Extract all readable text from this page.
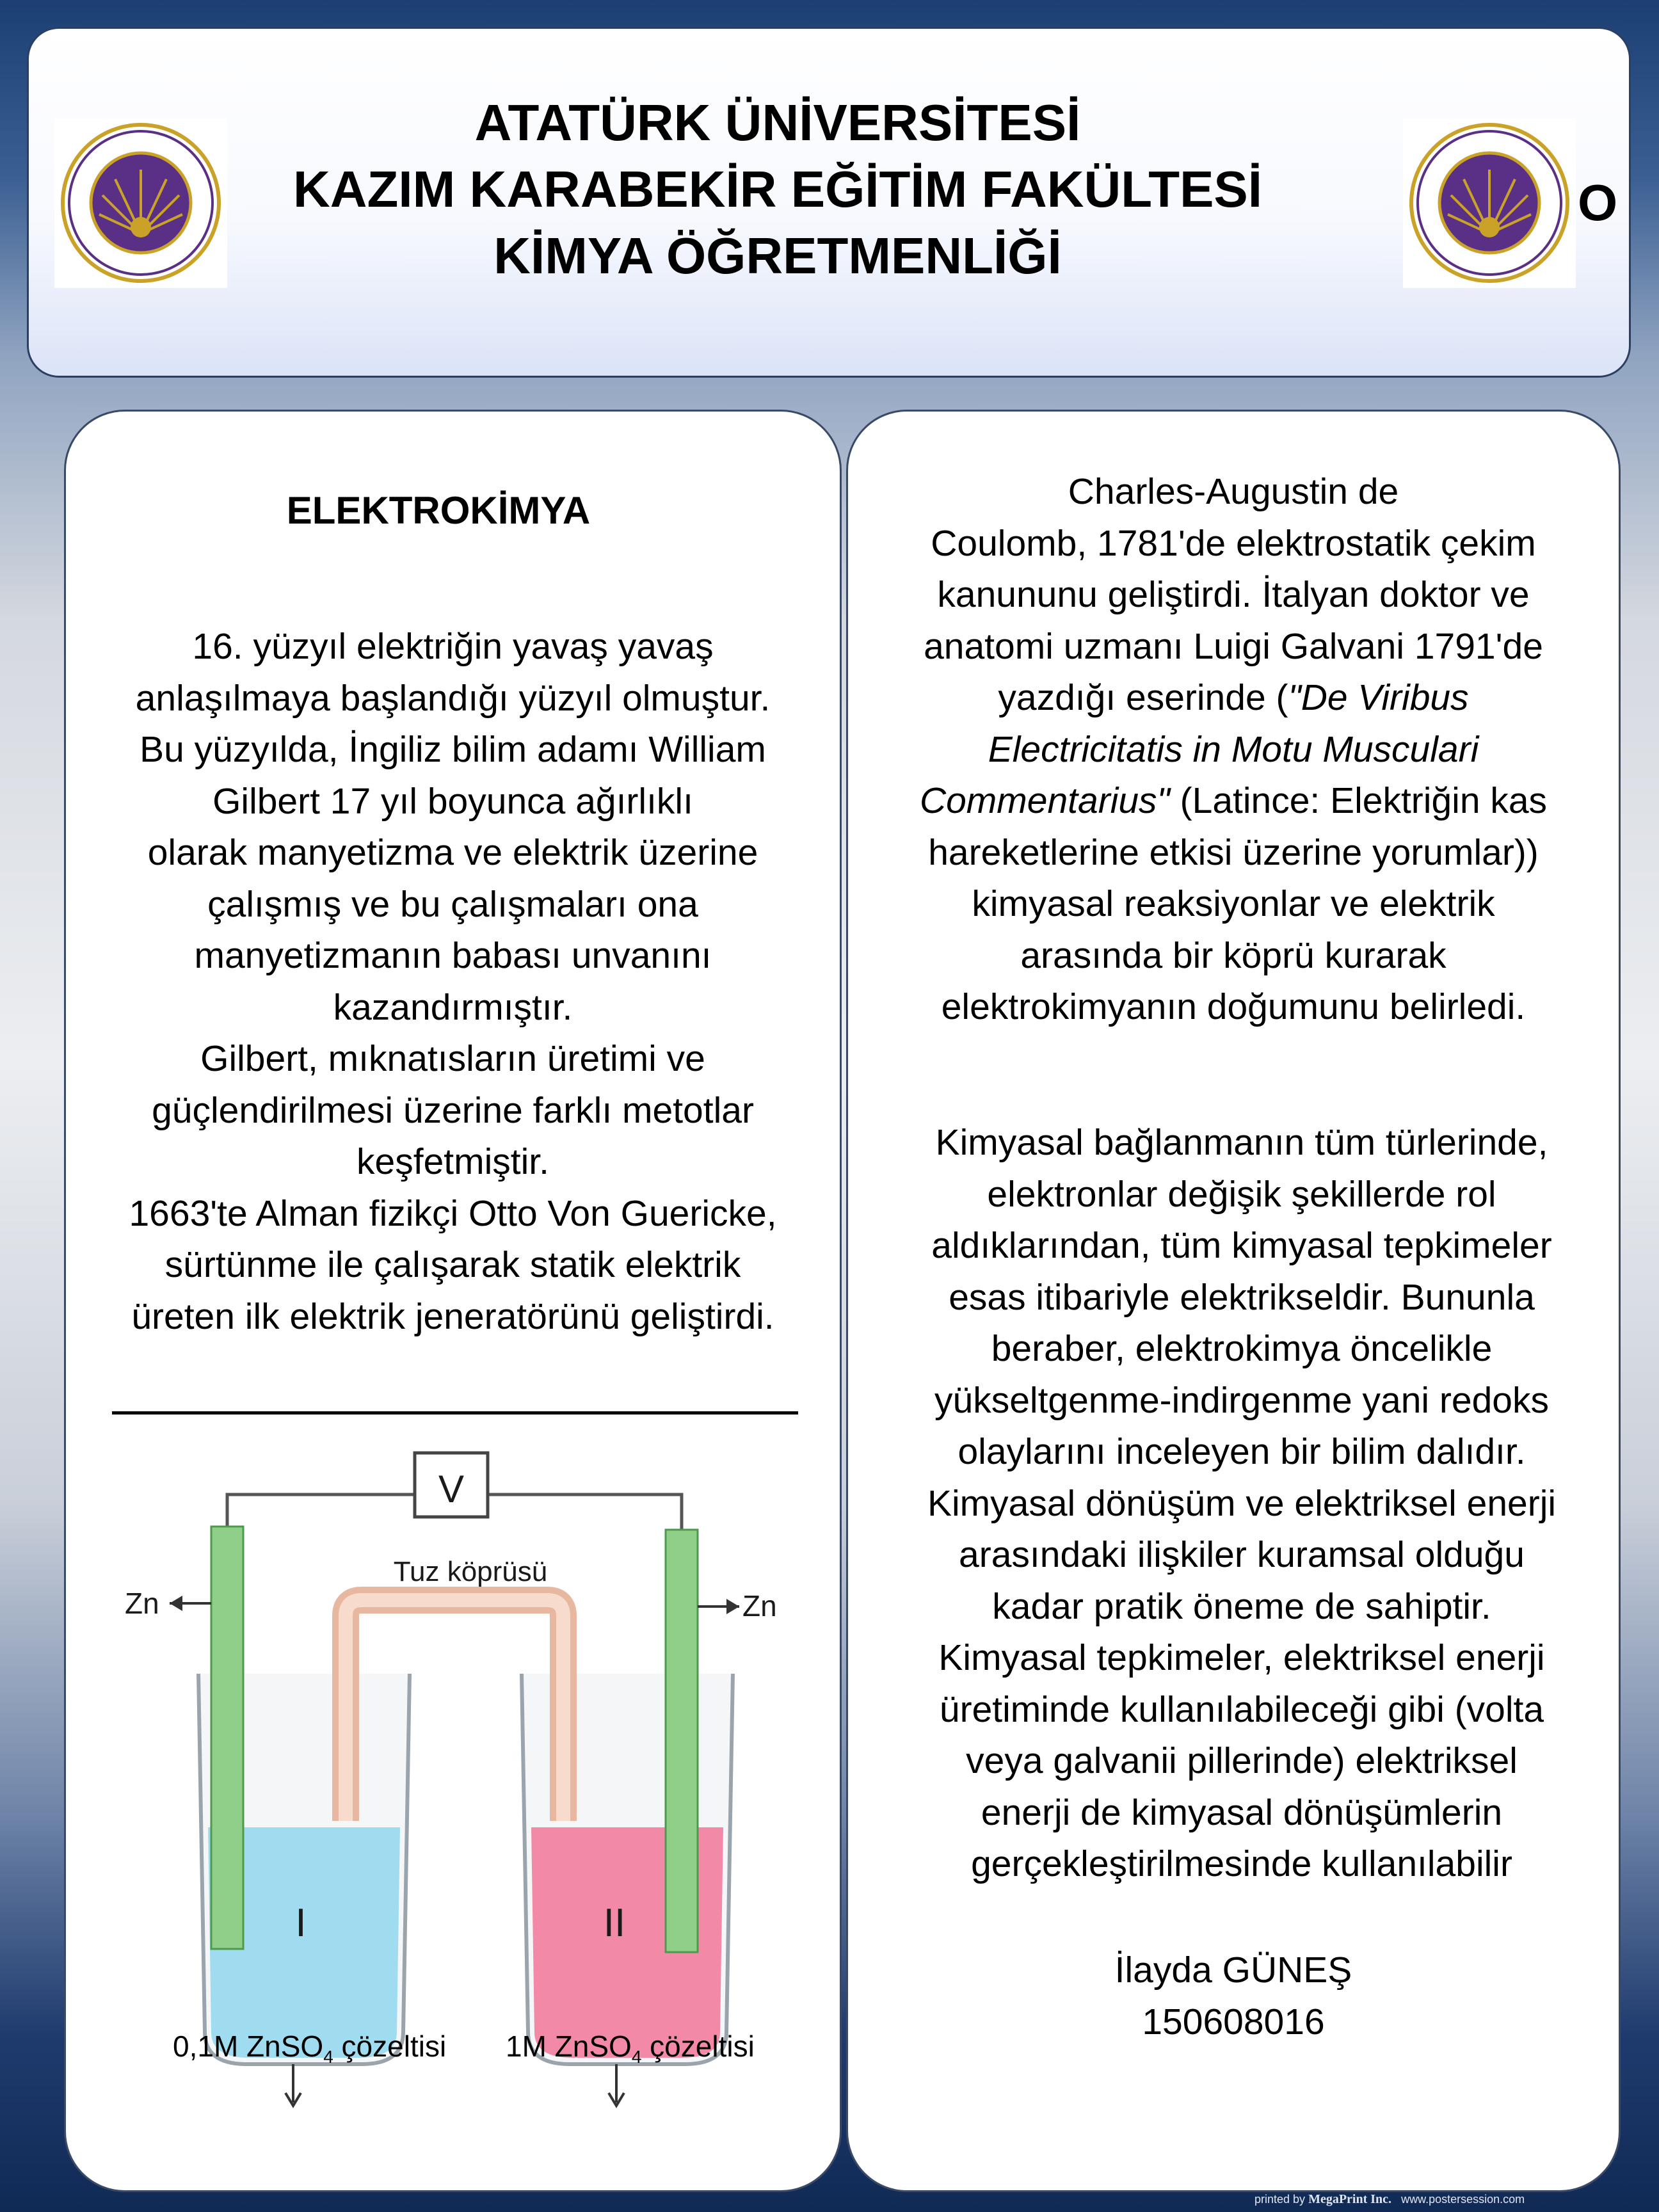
ATATÜRK ÜNİVERSİTESİ
KAZIM KARABEKİR EĞİTİM FAKÜLTESİ
KİMYA ÖĞRETMENLİĞİ
O
ELEKTROKİMYA
16. yüzyıl elektriğin yavaş yavaş
anlaşılmaya başlandığı yüzyıl olmuştur.
Bu yüzyılda, İngiliz bilim adamı William
Gilbert 17 yıl boyunca ağırlıklı
olarak manyetizma ve elektrik üzerine
çalışmış ve bu çalışmaları ona
manyetizmanın babası unvanını
kazandırmıştır.
Gilbert, mıknatısların üretimi ve
güçlendirilmesi üzerine farklı metotlar
keşfetmiştir.
1663'te Alman fizikçi Otto Von Guericke,
sürtünme ile çalışarak statik elektrik
üreten ilk elektrik jeneratörünü geliştirdi.
V
Tuz köprüsü
Zn	Zn
I	II
0,1M ZnSO$_4$ çözeltisi 1M ZnSO$_4$ çözeltisi
Charles-Augustin de
Coulomb, 1781'de elektrostatik çekim
kanununu geliştirdi. İtalyan doktor ve
anatomi uzmanı Luigi Galvani 1791'de
yazdığı eserinde ("De Viribus
Electricitatis in Motu Musculari
Commentarius" (Latince: Elektriğin kas
hareketlerine etkisi üzerine yorumlar))
kimyasal reaksiyonlar ve elektrik
arasında bir köprü kurarak
elektrokimyanın doğumunu belirledi.
Kimyasal bağlanmanın tüm türlerinde,
elektronlar değişik şekillerde rol
aldıklarından, tüm kimyasal tepkimeler
esas itibariyle elektrikseldir. Bununla
beraber, elektrokimya öncelikle
yükseltgenme-indirgenme yani redoks
olaylarını inceleyen bir bilim dalıdır.
Kimyasal dönüşüm ve elektriksel enerji
arasındaki ilişkiler kuramsal olduğu
kadar pratik öneme de sahiptir.
Kimyasal tepkimeler, elektriksel enerji
üretiminde kullanılabileceği gibi (volta
veya galvanii pillerinde) elektriksel
enerji de kimyasal dönüşümlerin
gerçekleştirilmesinde kullanılabilir
İlayda GÜNEŞ
150608016
printed by MegaPrint Inc. www.postersession.com
